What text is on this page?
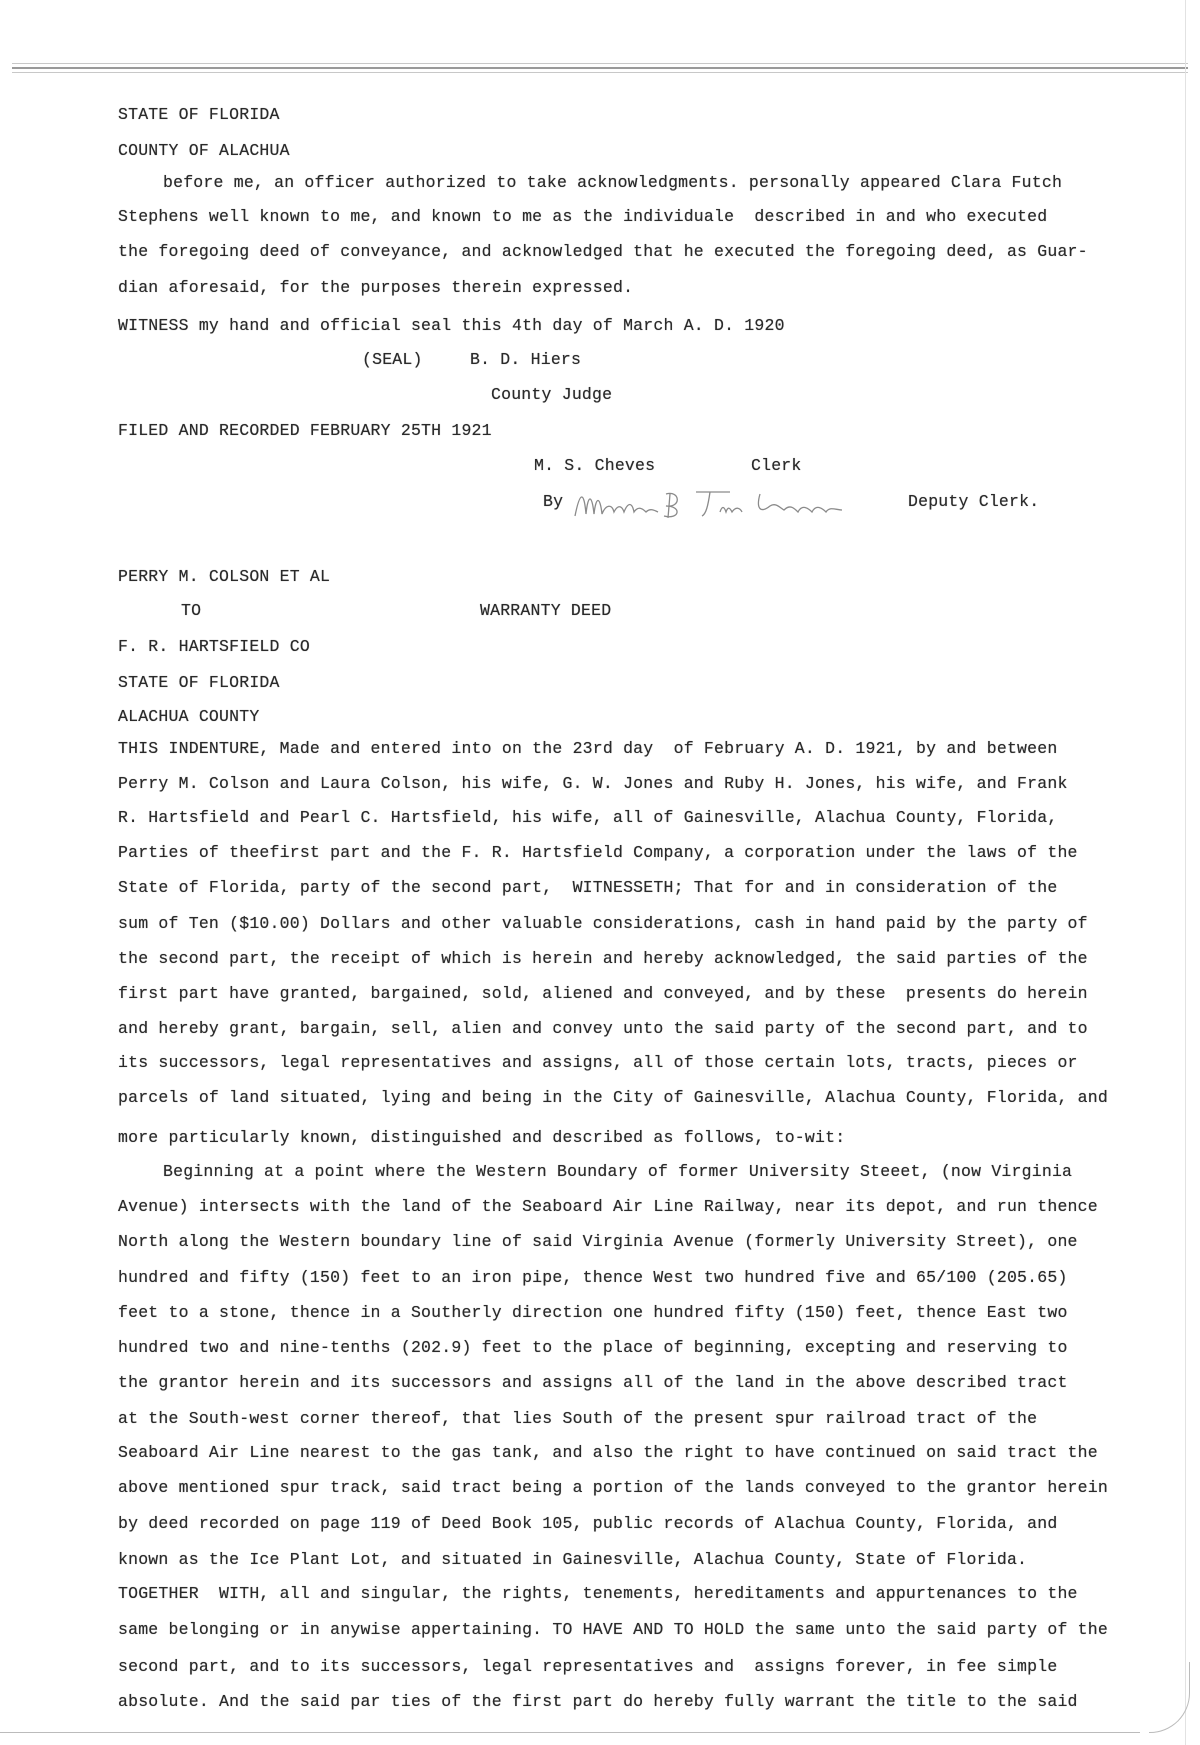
STATE OF FLORIDA
COUNTY OF ALACHUA
before me, an officer authorized to take acknowledgments. personally appeared Clara Futch
Stephens well known to me, and known to me as the individuale  described in and who executed
the foregoing deed of conveyance, and acknowledged that he executed the foregoing deed, as Guar-
dian aforesaid, for the purposes therein expressed.
WITNESS my hand and official seal this 4th day of March A. D. 1920
(SEAL)	B. D. Hiers
County Judge
FILED AND RECORDED FEBRUARY 25TH 1921
M. S. Cheves	Clerk
By	Deputy Clerk.
PERRY M. COLSON ET AL
TO	WARRANTY DEED
F. R. HARTSFIELD CO
STATE OF FLORIDA
ALACHUA COUNTY
THIS INDENTURE, Made and entered into on the 23rd day  of February A. D. 1921, by and between
Perry M. Colson and Laura Colson, his wife, G. W. Jones and Ruby H. Jones, his wife, and Frank
R. Hartsfield and Pearl C. Hartsfield, his wife, all of Gainesville, Alachua County, Florida,
Parties of theefirst part and the F. R. Hartsfield Company, a corporation under the laws of the
State of Florida, party of the second part,  WITNESSETH; That for and in consideration of the
sum of Ten ($10.00) Dollars and other valuable considerations, cash in hand paid by the party of
the second part, the receipt of which is herein and hereby acknowledged, the said parties of the
first part have granted, bargained, sold, aliened and conveyed, and by these  presents do herein
and hereby grant, bargain, sell, alien and convey unto the said party of the second part, and to
its successors, legal representatives and assigns, all of those certain lots, tracts, pieces or
parcels of land situated, lying and being in the City of Gainesville, Alachua County, Florida, and
more particularly known, distinguished and described as follows, to-wit:
Beginning at a point where the Western Boundary of former University Steeet, (now Virginia
Avenue) intersects with the land of the Seaboard Air Line Railway, near its depot, and run thence
North along the Western boundary line of said Virginia Avenue (formerly University Street), one
hundred and fifty (150) feet to an iron pipe, thence West two hundred five and 65/100 (205.65)
feet to a stone, thence in a Southerly direction one hundred fifty (150) feet, thence East two
hundred two and nine-tenths (202.9) feet to the place of beginning, excepting and reserving to
the grantor herein and its successors and assigns all of the land in the above described tract
at the South-west corner thereof, that lies South of the present spur railroad tract of the
Seaboard Air Line nearest to the gas tank, and also the right to have continued on said tract the
above mentioned spur track, said tract being a portion of the lands conveyed to the grantor herein
by deed recorded on page 119 of Deed Book 105, public records of Alachua County, Florida, and
known as the Ice Plant Lot, and situated in Gainesville, Alachua County, State of Florida.
TOGETHER  WITH, all and singular, the rights, tenements, hereditaments and appurtenances to the
same belonging or in anywise appertaining. TO HAVE AND TO HOLD the same unto the said party of the
second part, and to its successors, legal representatives and  assigns forever, in fee simple
absolute. And the said par ties of the first part do hereby fully warrant the title to the said
